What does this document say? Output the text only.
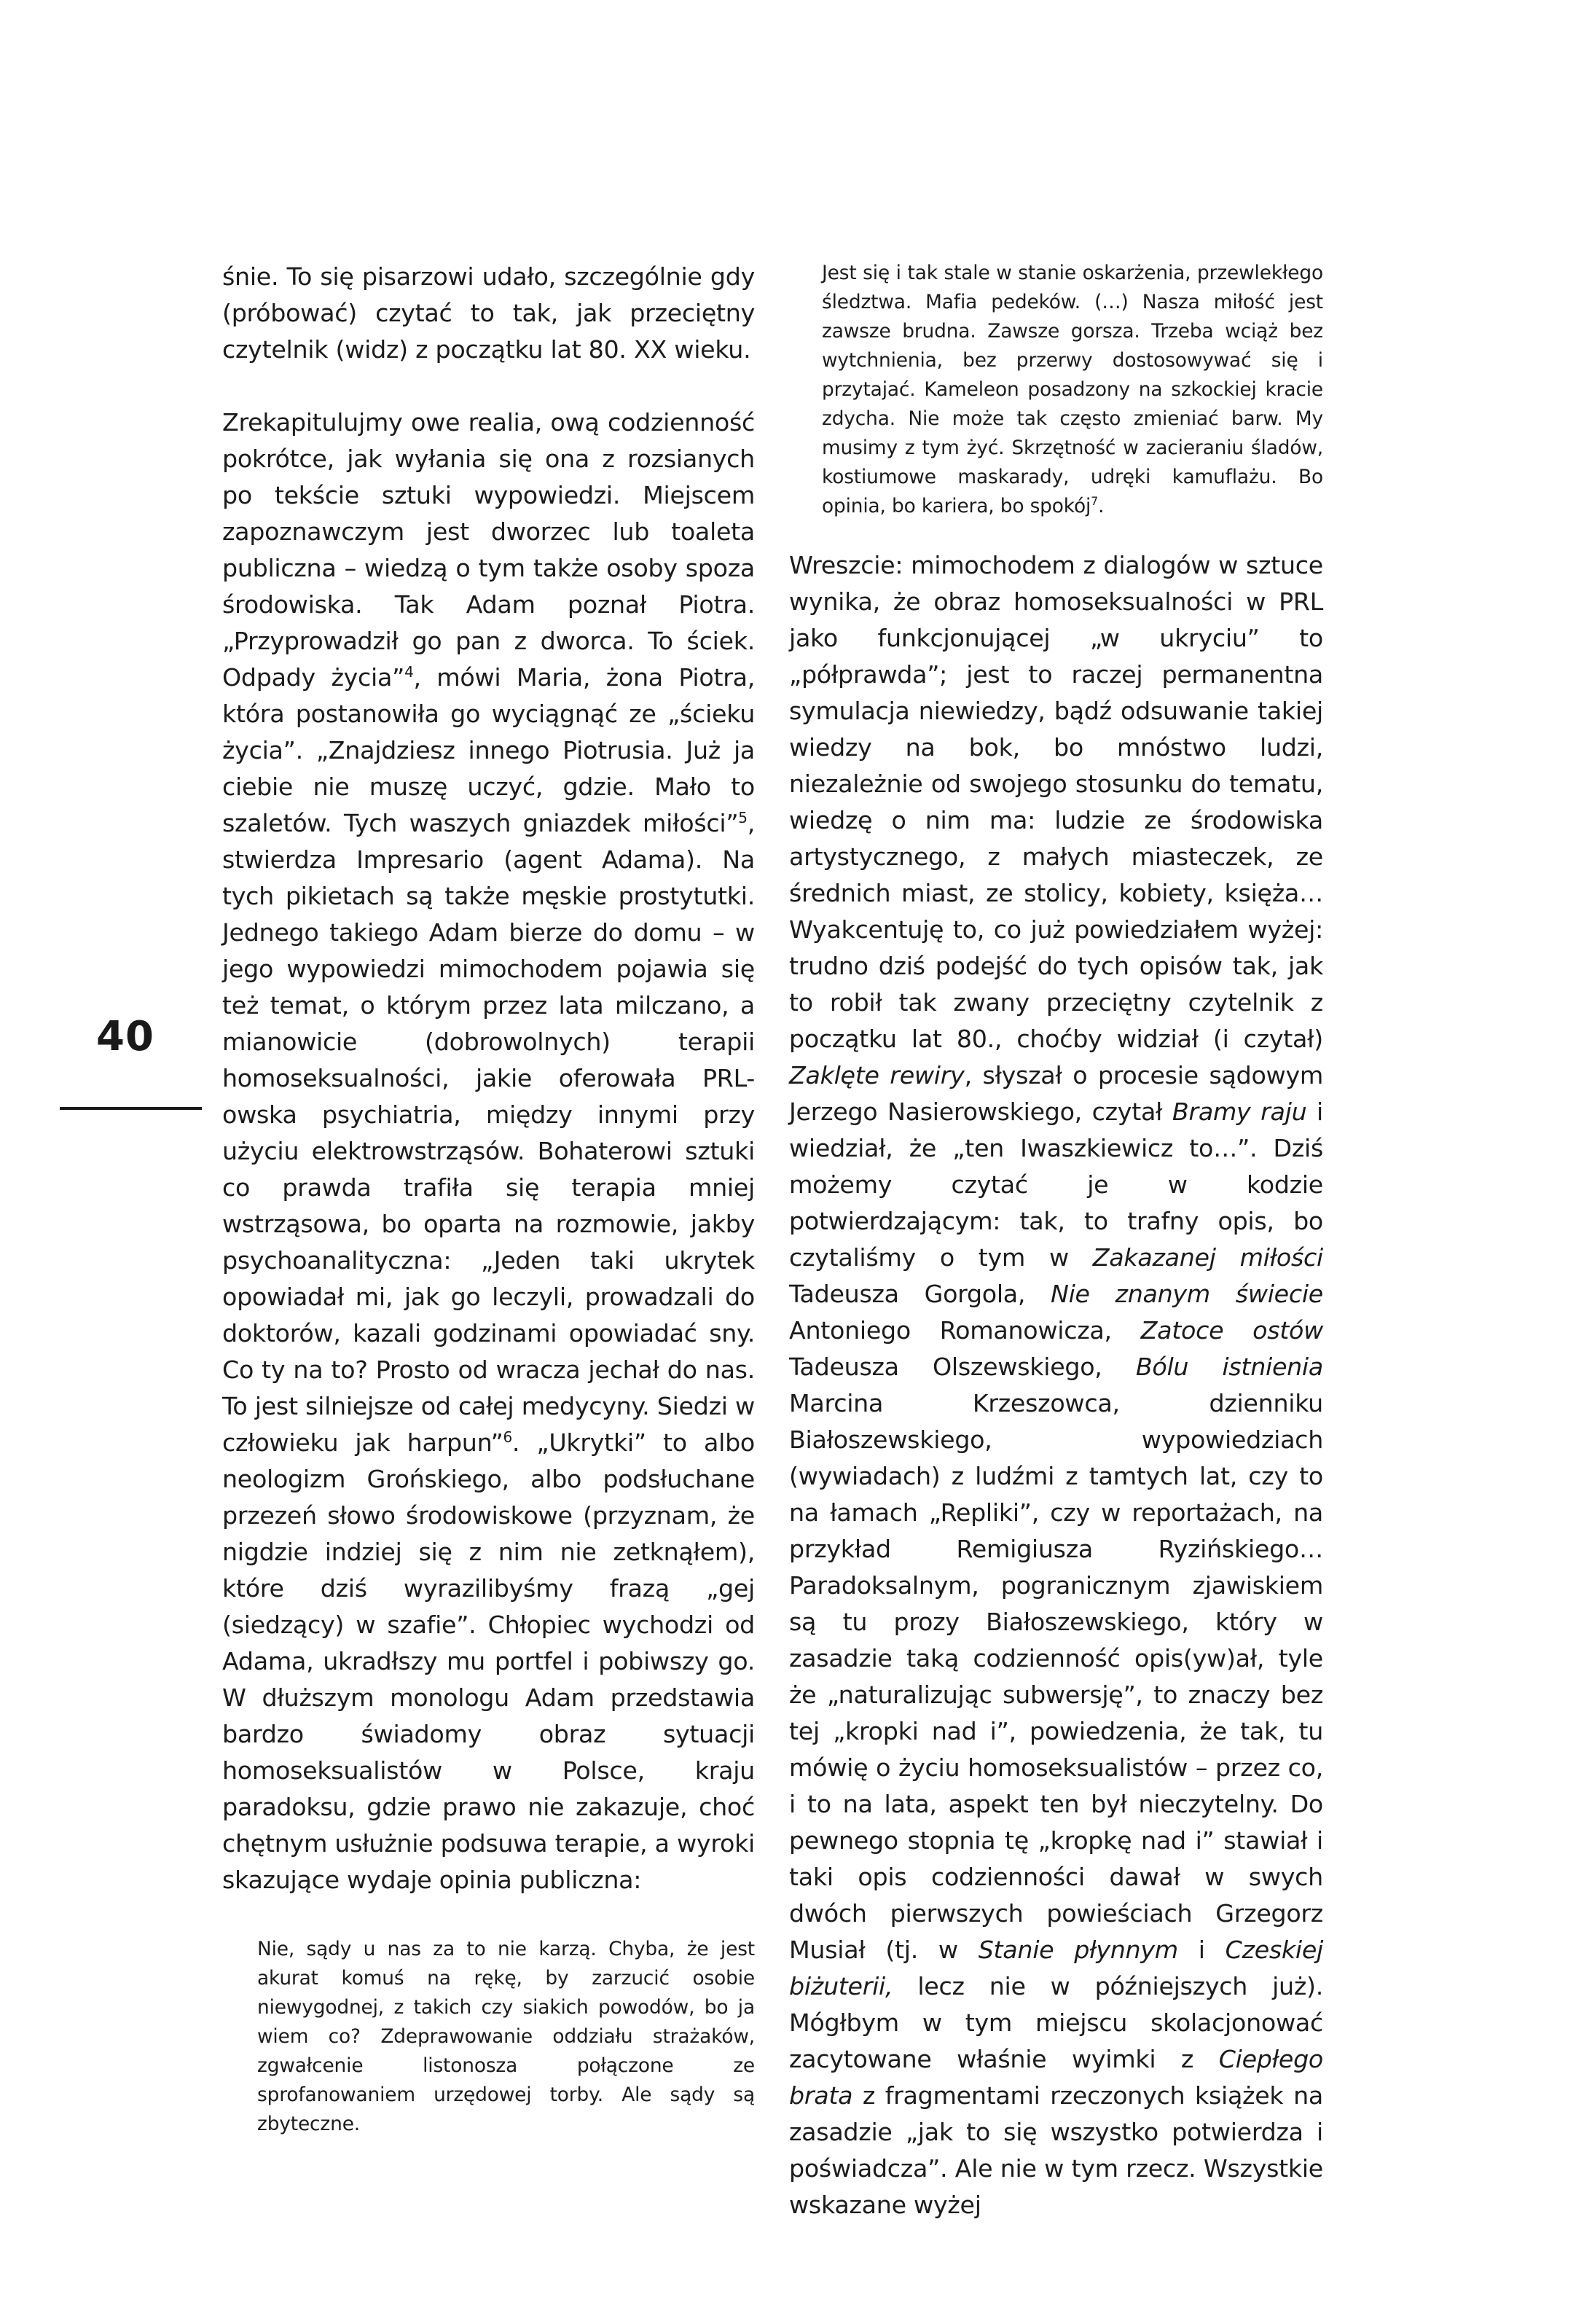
40

śnie. To się pisarzowi udało, szczególnie gdy (próbować) czytać to tak, jak przeciętny czytelnik (widz) z początku lat 80. XX wieku.

Zrekapitulujmy owe realia, ową codzienność pokrótce, jak wyłania się ona z rozsianych po tekście sztuki wypowiedzi. Miejscem zapoznawczym jest dworzec lub toaleta publiczna – wiedzą o tym także osoby spoza środowiska. Tak Adam poznał Piotra. „Przyprowadził go pan z dworca. To ściek. Odpady życia”$^4$, mówi Maria, żona Piotra, która postanowiła go wyciągnąć ze „ścieku życia”. „Znajdziesz innego Piotrusia. Już ja ciebie nie muszę uczyć, gdzie. Mało to szaletów. Tych waszych gniazdek miłości”$^5$, stwierdza Impresario (agent Adama). Na tych pikietach są także męskie prostytutki. Jednego takiego Adam bierze do domu – w jego wypowiedzi mimochodem pojawia się też temat, o którym przez lata milczano, a mianowicie (dobrowolnych) terapii homoseksualności, jakie oferowała PRL-owska psychiatria, między innymi przy użyciu elektrowstrząsów. Bohaterowi sztuki co prawda trafiła się terapia mniej wstrząsowa, bo oparta na rozmowie, jakby psychoanalityczna: „Jeden taki ukrytek opowiadał mi, jak go leczyli, prowadzali do doktorów, kazali godzinami opowiadać sny. Co ty na to? Prosto od wracza jechał do nas. To jest silniejsze od całej medycyny. Siedzi w człowieku jak harpun”$^6$. „Ukrytki” to albo neologizm Grońskiego, albo podsłuchane przezeń słowo środowiskowe (przyznam, że nigdzie indziej się z nim nie zetknąłem), które dziś wyrazilibyśmy frazą „gej (siedzący) w szafie”. Chłopiec wychodzi od Adama, ukradłszy mu portfel i pobiwszy go. W dłuższym monologu Adam przedstawia bardzo świadomy obraz sytuacji homoseksualistów w Polsce, kraju paradoksu, gdzie prawo nie zakazuje, choć chętnym usłużnie podsuwa terapie, a wyroki skazujące wydaje opinia publiczna:

Nie, sądy u nas za to nie karzą. Chyba, że jest akurat komuś na rękę, by zarzucić osobie niewygodnej, z takich czy siakich powodów, bo ja wiem co? Zdeprawowanie oddziału strażaków, zgwałcenie listonosza połączone ze sprofanowaniem urzędowej torby. Ale sądy są zbyteczne.

Jest się i tak stale w stanie oskarżenia, przewlekłego śledztwa. Mafia pedeków. (…) Nasza miłość jest zawsze brudna. Zawsze gorsza. Trzeba wciąż bez wytchnienia, bez przerwy dostosowywać się i przytajać. Kameleon posadzony na szkockiej kracie zdycha. Nie może tak często zmieniać barw. My musimy z tym żyć. Skrzętność w zacieraniu śladów, kostiumowe maskarady, udręki kamuflażu. Bo opinia, bo kariera, bo spokój$^7$.

Wreszcie: mimochodem z dialogów w sztuce wynika, że obraz homoseksualności w PRL jako funkcjonującej „w ukryciu” to „półprawda”; jest to raczej permanentna symulacja niewiedzy, bądź odsuwanie takiej wiedzy na bok, bo mnóstwo ludzi, niezależnie od swojego stosunku do tematu, wiedzę o nim ma: ludzie ze środowiska artystycznego, z małych miasteczek, ze średnich miast, ze stolicy, kobiety, księża… Wyakcentuję to, co już powiedziałem wyżej: trudno dziś podejść do tych opisów tak, jak to robił tak zwany przeciętny czytelnik z początku lat 80., choćby widział (i czytał) Zaklęte rewiry, słyszał o procesie sądowym Jerzego Nasierowskiego, czytał Bramy raju i wiedział, że „ten Iwaszkiewicz to…”. Dziś możemy czytać je w kodzie potwierdzającym: tak, to trafny opis, bo czytaliśmy o tym w Zakazanej miłości Tadeusza Gorgola, Nie znanym świecie Antoniego Romanowicza, Zatoce ostów Tadeusza Olszewskiego, Bólu istnienia Marcina Krzeszowca, dzienniku Białoszewskiego, wypowiedziach (wywiadach) z ludźmi z tamtych lat, czy to na łamach „Repliki”, czy w reportażach, na przykład Remigiusza Ryzińskiego… Paradoksalnym, pogranicznym zjawiskiem są tu prozy Białoszewskiego, który w zasadzie taką codzienność opis(yw)ał, tyle że „naturalizując subwersję”, to znaczy bez tej „kropki nad i”, powiedzenia, że tak, tu mówię o życiu homoseksualistów – przez co, i to na lata, aspekt ten był nieczytelny. Do pewnego stopnia tę „kropkę nad i” stawiał i taki opis codzienności dawał w swych dwóch pierwszych powieściach Grzegorz Musiał (tj. w Stanie płynnym i Czeskiej biżuterii, lecz nie w późniejszych już). Mógłbym w tym miejscu skolacjonować zacytowane właśnie wyimki z Ciepłego brata z fragmentami rzeczonych książek na zasadzie „jak to się wszystko potwierdza i poświadcza”. Ale nie w tym rzecz. Wszystkie wskazane wyżej
